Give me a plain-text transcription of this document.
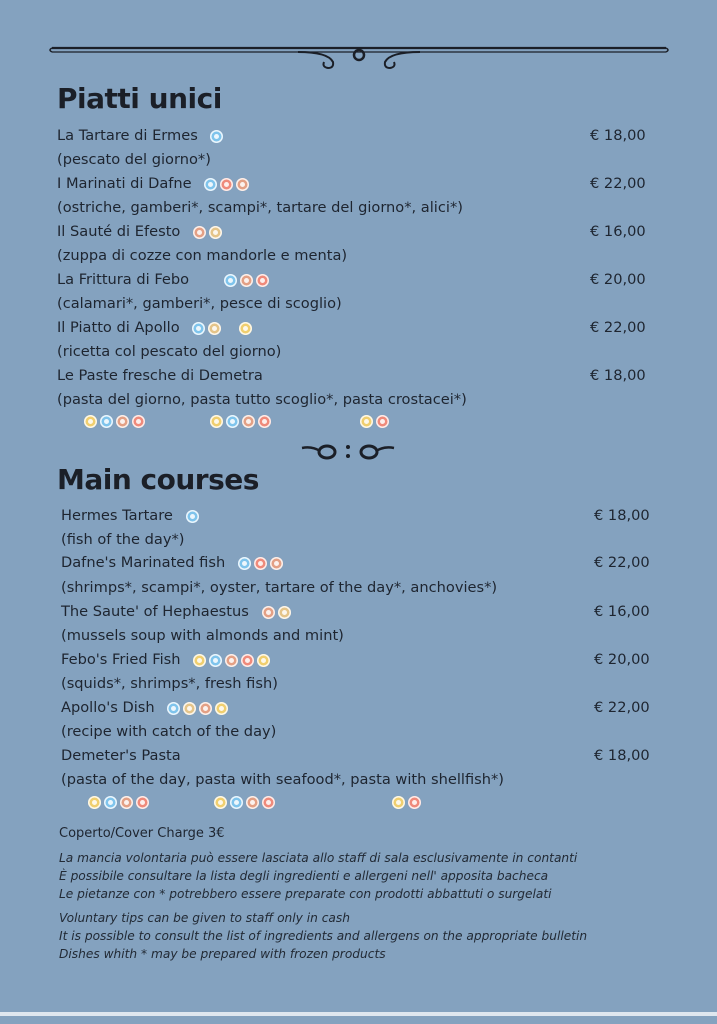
Piatti unici
La Tartare di Ermes	€ 18,00
(pescato del giorno*)
I Marinati di Dafne	€ 22,00
(ostriche, gamberi*, scampi*, tartare del giorno*, alici*)
Il Sauté di Efesto	€ 16,00
(zuppa di cozze con mandorle e menta)
La Frittura di Febo	€ 20,00
(calamari*, gamberi*, pesce di scoglio)
Il Piatto di Apollo	€ 22,00
(ricetta col pescato del giorno)
Le Paste fresche di Demetra	€ 18,00
(pasta del giorno, pasta tutto scoglio*, pasta crostacei*)

Main courses
Hermes Tartare	€ 18,00
(fish of the day*)
Dafne's Marinated fish	€ 22,00
(shrimps*, scampi*, oyster, tartare of the day*, anchovies*)
The Saute' of Hephaestus	€ 16,00
(mussels soup with almonds and mint)
Febo's Fried Fish	€ 20,00
(squids*, shrimps*, fresh fish)
Apollo's Dish	€ 22,00
(recipe with catch of the day)
Demeter's Pasta	€ 18,00
(pasta of the day, pasta with seafood*, pasta with shellfish*)

Coperto/Cover Charge 3€
La mancia volontaria può essere lasciata allo staff di sala esclusivamente in contanti
È possibile consultare la lista degli ingredienti e allergeni nell' apposita bacheca
Le pietanze con * potrebbero essere preparate con prodotti abbattuti o surgelati
Voluntary tips can be given to staff only in cash
It is possible to consult the list of ingredients and allergens on the appropriate bulletin
Dishes whith * may be prepared with frozen products
